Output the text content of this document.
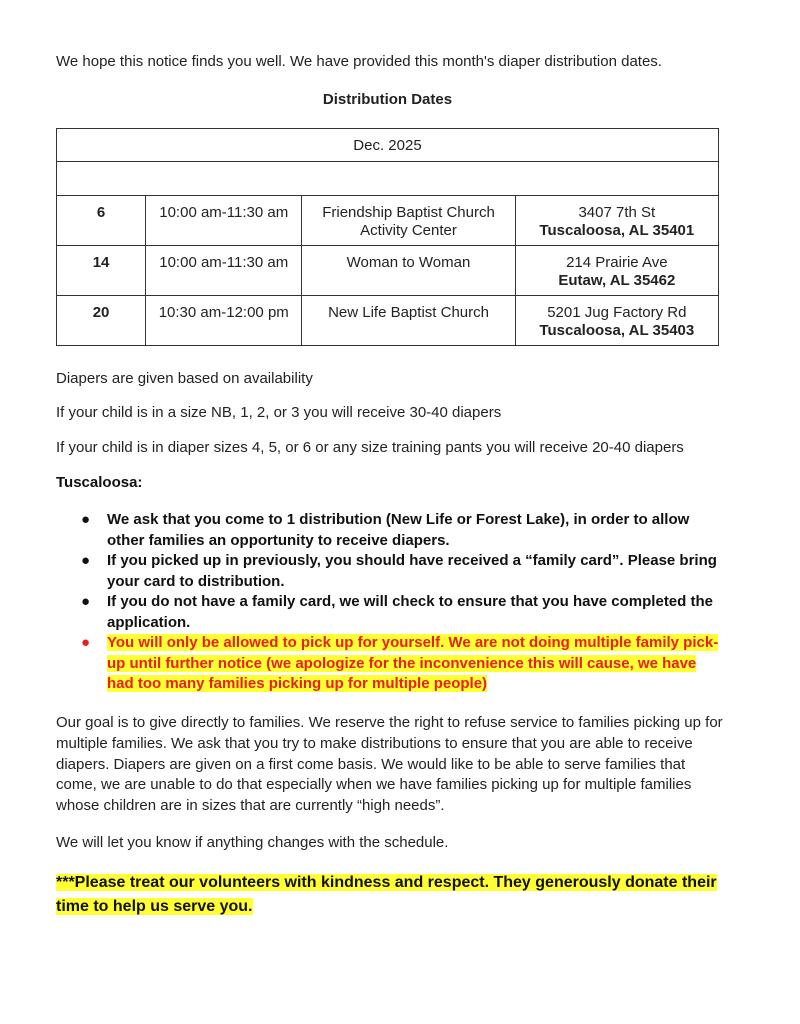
We hope this notice finds you well. We have provided this month's diaper distribution dates.

Distribution Dates

Dec. 2025			

6	10:00 am-11:30 am	Friendship Baptist Church Activity Center	3407 7th St
Tuscaloosa, AL 35401

14	10:00 am-11:30 am	Woman to Woman	214 Prairie Ave
Eutaw, AL 35462

20	10:30 am-12:00 pm	New Life Baptist Church	5201 Jug Factory Rd
Tuscaloosa, AL 35403

Diapers are given based on availability

If your child is in a size NB, 1, 2, or 3 you will receive 30-40 diapers

If your child is in diaper sizes 4, 5, or 6 or any size training pants you will receive 20-40 diapers

Tuscaloosa:

● We ask that you come to 1 distribution (New Life or Forest Lake), in order to allow other families an opportunity to receive diapers.
● If you picked up in previously, you should have received a “family card”. Please bring your card to distribution.
● If you do not have a family card, we will check to ensure that you have completed the application.
● You will only be allowed to pick up for yourself. We are not doing multiple family pick-up until further notice (we apologize for the inconvenience this will cause, we have had too many families picking up for multiple people)

Our goal is to give directly to families. We reserve the right to refuse service to families picking up for multiple families. We ask that you try to make distributions to ensure that you are able to receive diapers. Diapers are given on a first come basis. We would like to be able to serve families that come, we are unable to do that especially when we have families picking up for multiple families whose children are in sizes that are currently “high needs”.

We will let you know if anything changes with the schedule.

***Please treat our volunteers with kindness and respect. They generously donate their time to help us serve you.
